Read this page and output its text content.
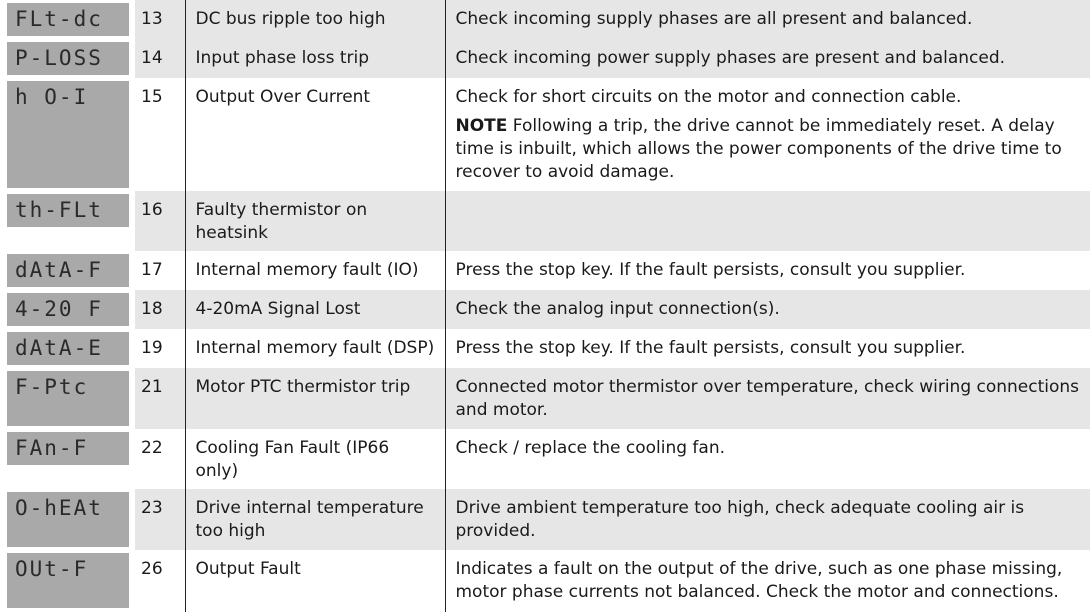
FLt-dc	13	DC bus ripple too high	Check incoming supply phases are all present and balanced.

P-LOSS	14	Input phase loss trip	Check incoming power supply phases are present and balanced.

h O-I	15	Output Over Current	Check for short circuits on the motor and connection cable.
NOTE Following a trip, the drive cannot be immediately reset. A delay time is inbuilt, which allows the power components of the drive time to recover to avoid damage.

th-FLt	16	Faulty thermistor on heatsink	

dAtA-F	17	Internal memory fault (IO)	Press the stop key. If the fault persists, consult you supplier.

4-20 F	18	4-20mA Signal Lost	Check the analog input connection(s).

dAtA-E	19	Internal memory fault (DSP)	Press the stop key. If the fault persists, consult you supplier.

F-Ptc	21	Motor PTC thermistor trip	Connected motor thermistor over temperature, check wiring connections and motor.

FAn-F	22	Cooling Fan Fault (IP66 only)	Check / replace the cooling fan.

O-hEAt	23	Drive internal temperature too high	Drive ambient temperature too high, check adequate cooling air is provided.

OUt-F	26	Output Fault	Indicates a fault on the output of the drive, such as one phase missing, motor phase currents not balanced. Check the motor and connections.
